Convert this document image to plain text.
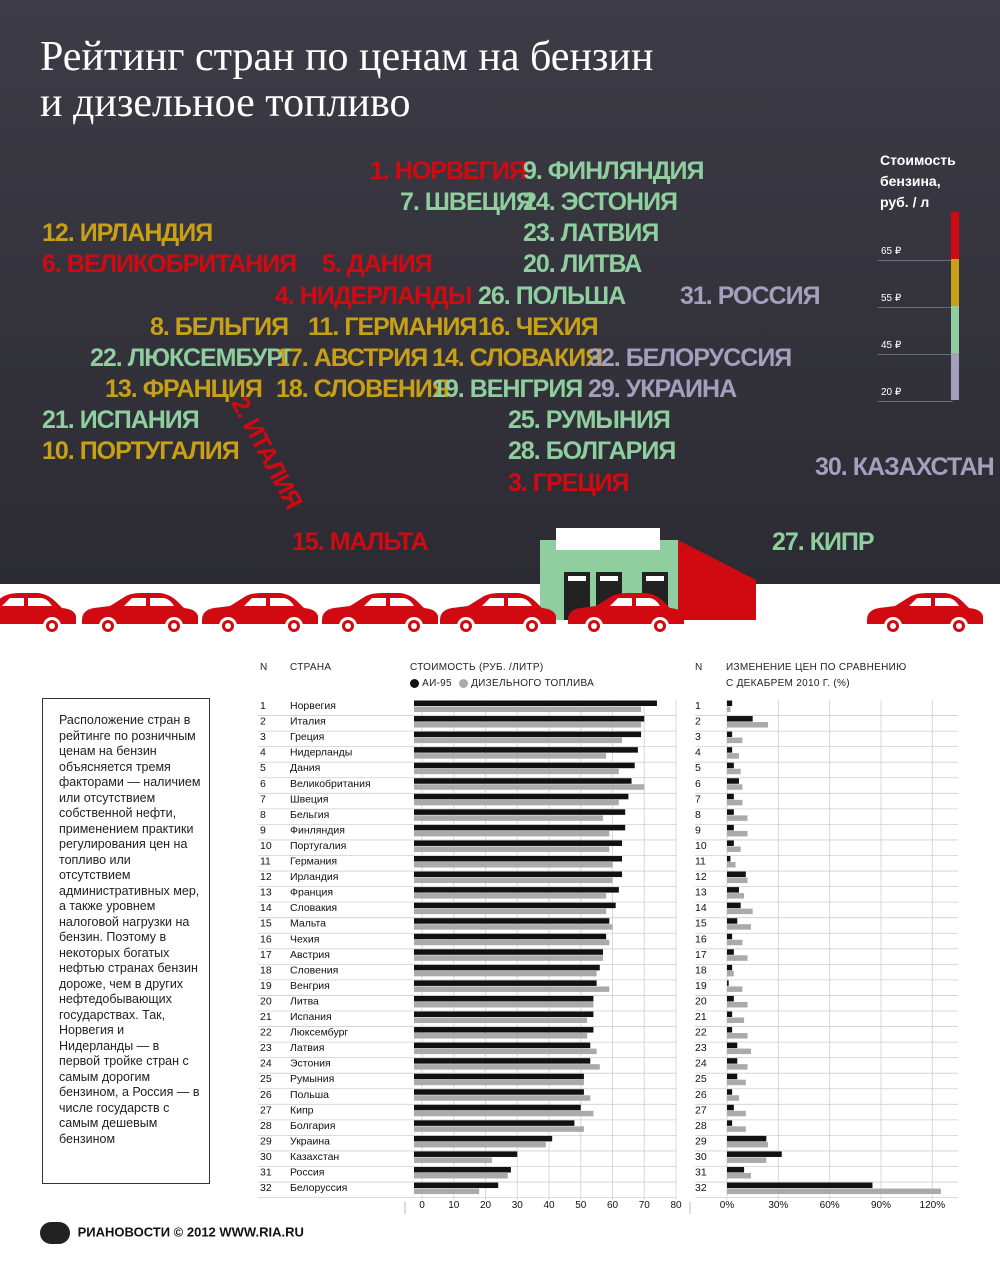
Рейтинг стран по ценам на бензин
и дизельное топливо
1. НОРВЕГИЯ
9. ФИНЛЯНДИЯ
7. ШВЕЦИЯ
24. ЭСТОНИЯ
12. ИРЛАНДИЯ	23. ЛАТВИЯ
6. ВЕЛИКОБРИТАНИЯ 5. ДАНИЯ	20. ЛИТВА
4. НИДЕРЛАНДЫ 26. ПОЛЬША 31. РОССИЯ
8. БЕЛЬГИЯ 11. ГЕРМАНИЯ 16. ЧЕХИЯ
22. ЛЮКСЕМБУРГ
17. АВСТРИЯ 14. СЛОВАКИЯ
32. БЕЛОРУССИЯ
13. ФРАНЦИЯ 18. СЛОВЕНИЯ
19. ВЕНГРИЯ 29. УКРАИНА
2. ИТАЛИЯ
21. ИСПАНИЯ	25. РУМЫНИЯ
10. ПОРТУГАЛИЯ	28. БОЛГАРИЯ
3. ГРЕЦИЯ
30. КАЗАХСТАН
15. МАЛЬТА	27. КИПР
Стоимость
бензина,
руб. / л
65 ₽
55 ₽
45 ₽
20 ₽
Расположение стран в рейтинге по розничным ценам на бензин объясняется тремя факторами — наличием или отсутствием собственной нефти, применением практики регулирования цен на топливо или отсутствием административных мер, а также уровнем налоговой нагрузки на бензин. Поэтому в некоторых богатых нефтью странах бензин дороже, чем в других нефтедобывающих государствах. Так, Норвегия и Нидерланды — в первой тройке стран с самым дорогим бензином, а Россия — в числе государств с самым дешевым бензином
N СТРАНА	СТОИМОСТЬ (РУБ. /ЛИТР)
АИ-95 ДИЗЕЛЬНОГО ТОПЛИВА
N ИЗМЕНЕНИЕ ЦЕН ПО СРАВНЕНИЮ
С ДЕКАБРЕМ 2010 Г. (%)
0 10 20 30 40 50 60 70 80	0%	30%	60%	90%	120%
1 Норвегия	1
2 Италия	2
3 Греция	3
4 Нидерланды	4
5 Дания	5
6 Великобритания	6
7 Швеция	7
8 Бельгия	8
9 Финляндия	9
10 Португалия	10
11 Германия	11
12 Ирландия	12
13 Франция	13
14 Словакия	14
15 Мальта	15
16 Чехия	16
17 Австрия	17
18 Словения	18
19 Венгрия	19
20 Литва	20
21 Испания	21
22 Люксембург	22
23 Латвия	23
24 Эстония	24
25 Румыния	25
26 Польша	26
27 Кипр	27
28 Болгария	28
29 Украина	29
30 Казахстан	30
31 Россия	31
32 Белоруссия	32
РИАНОВОСТИ © 2012 WWW.RIA.RU
